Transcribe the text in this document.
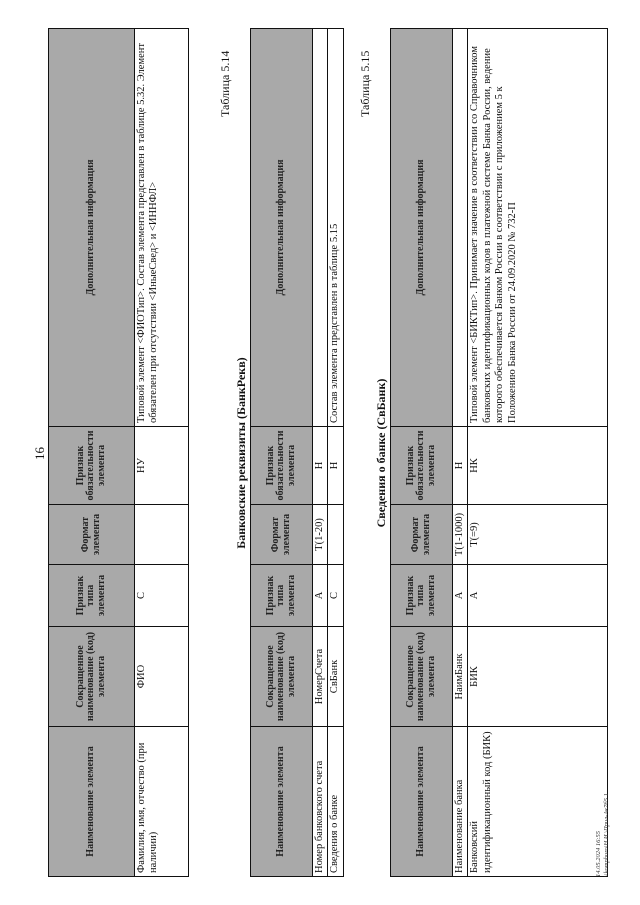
16
Наименование элемента	Сокращенное наименование (код) элемента	Признак типа элемента	Формат элемента	Признак обязательности элемента	Дополнительная информация
Фамилия, имя, отчество (при наличии)	ФИО	С		НУ	Типовой элемент <ФИОТип>. Состав элемента представлен в таблице 5.32. Элемент обязателен при отсутствии <ИныеСвед> и <ИННФЛ>
Таблица 5.14
Банковские реквизиты (БанкРекв)
Наименование элемента	Сокращенное наименование (код) элемента	Признак типа элемента	Формат элемента	Признак обязательности элемента	Дополнительная информация
Номер банковского счета	НомерСчета	А	Т(1-20)	Н	
Сведения о банке	СвБанк	С		Н	Состав элемента представлен в таблице 5.15
Таблица 5.15
Сведения о банке (СвБанк)
Наименование элемента	Сокращенное наименование (код) элемента	Признак типа элемента	Формат элемента	Признак обязательности элемента	Дополнительная информация
Наименование банка	НаимБанк	А	Т(1-1000)	Н	
Банковский идентификационный код (БИК)	БИК	А	Т(=9)	НК	Типовой элемент <БИКТип>. Принимает значение в соответствии со Справочником банковских идентификационных кодов в платежной системе Банка России, ведение которого обеспечивается Банком России в соответствии с приложением 5 к Положению Банка России от 24.09.2020 № 732-П
14.05.2024 16:55 \\kompburo\Н.И.\Прил-Ак7б5 1
